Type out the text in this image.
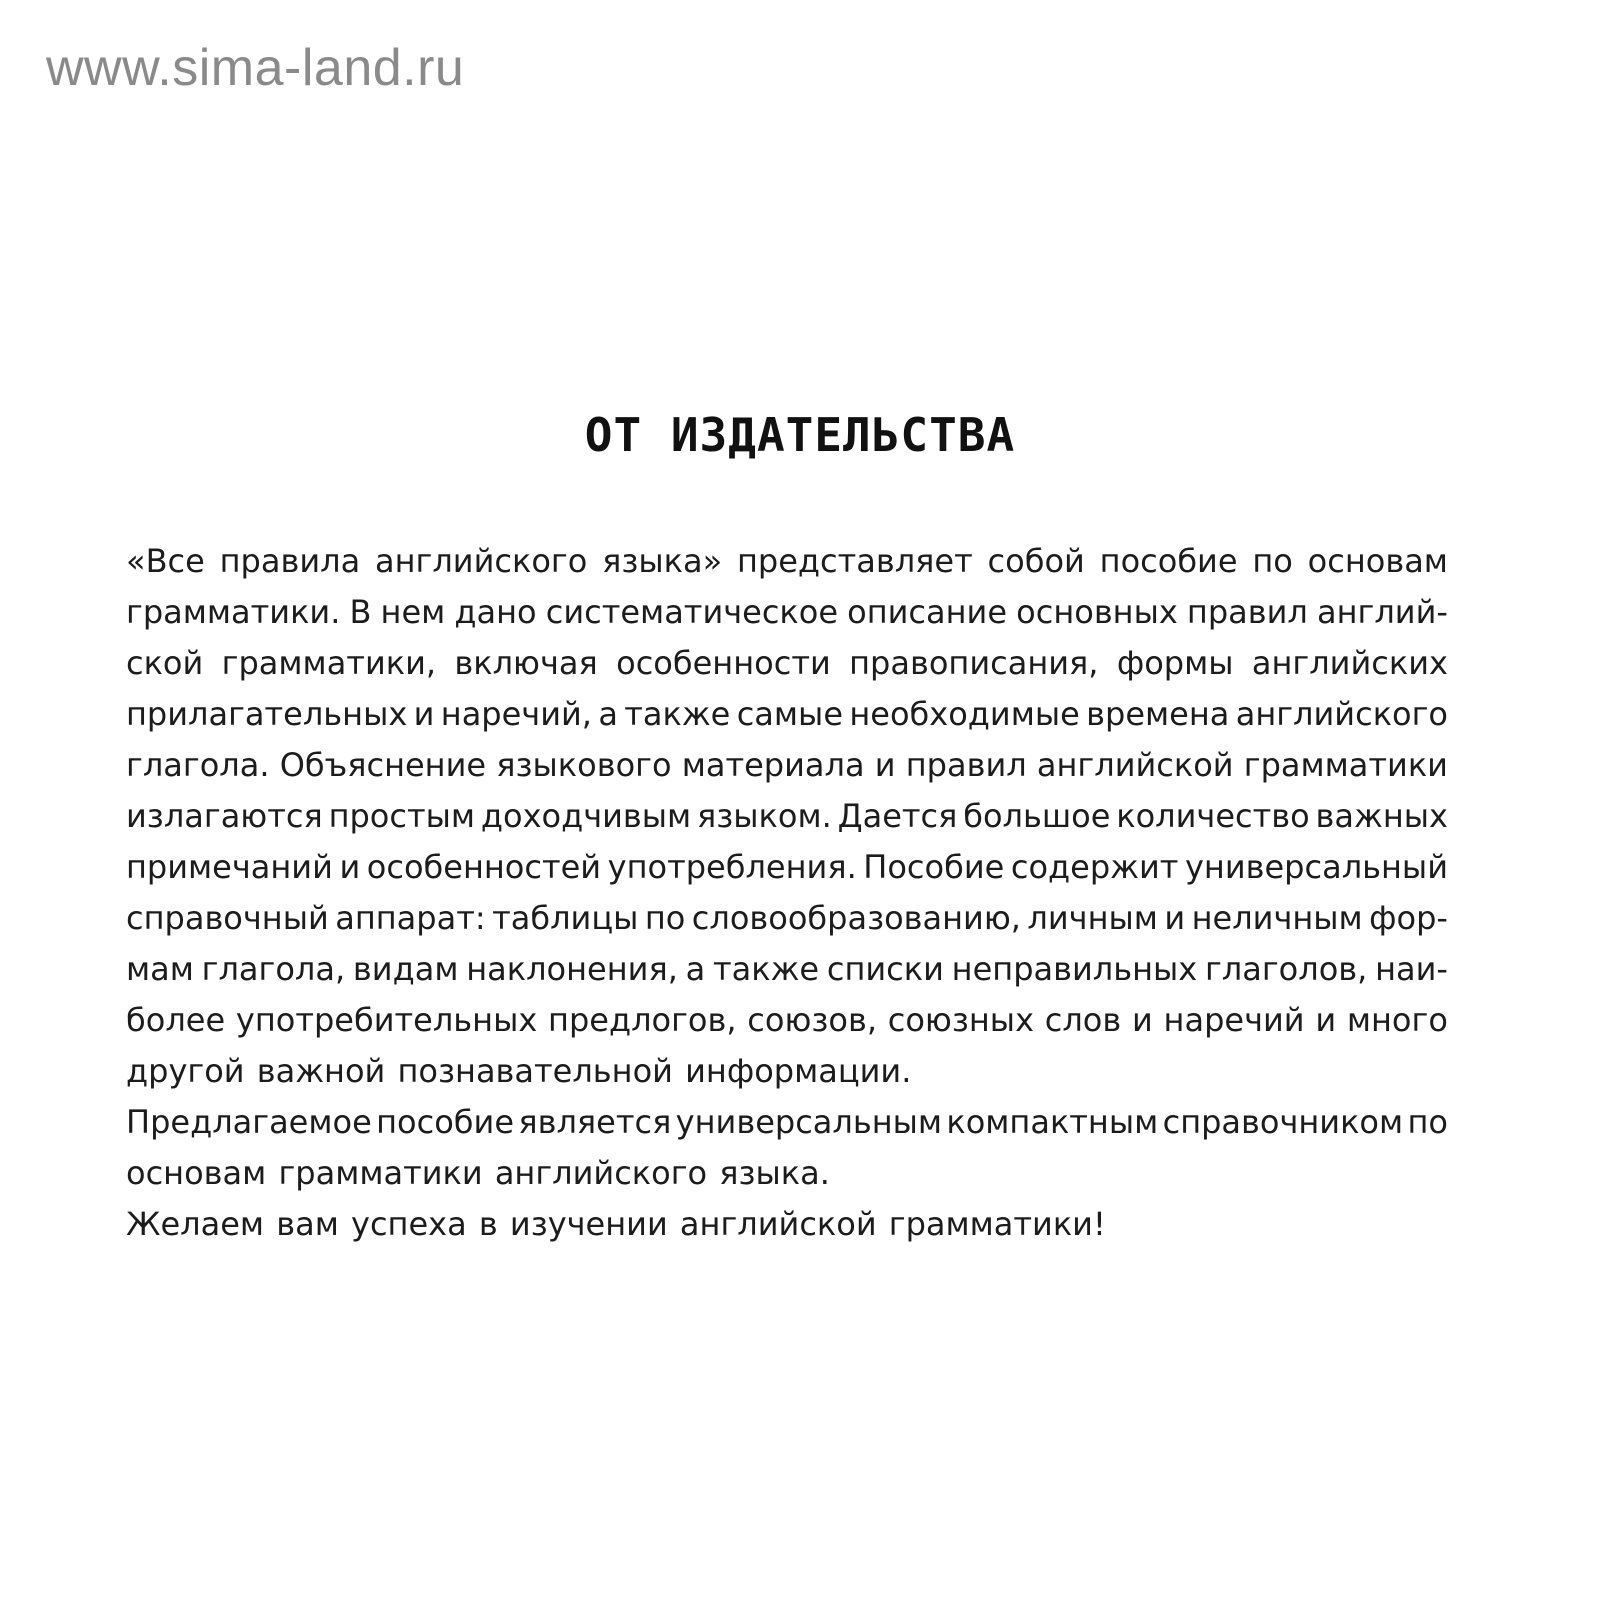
www.sima-land.ru
ОТ ИЗДАТЕЛЬСТВА
«Все правила английского языка» представляет собой пособие по основам
грамматики. В нем дано систематическое описание основных правил англий-
ской грамматики, включая особенности правописания, формы английских
прилагательных и наречий, а также самые необходимые времена английского
глагола. Объяснение языкового материала и правил английской грамматики
излагаются простым доходчивым языком. Дается большое количество важных
примечаний и особенностей употребления. Пособие содержит универсальный
справочный аппарат: таблицы по словообразованию, личным и неличным фор-
мам глагола, видам наклонения, а также списки неправильных глаголов, наи-
более употребительных предлогов, союзов, союзных слов и наречий и много
другой важной познавательной информации.
Предлагаемое пособие является универсальным компактным справочником по
основам грамматики английского языка.
Желаем вам успеха в изучении английской грамматики!
